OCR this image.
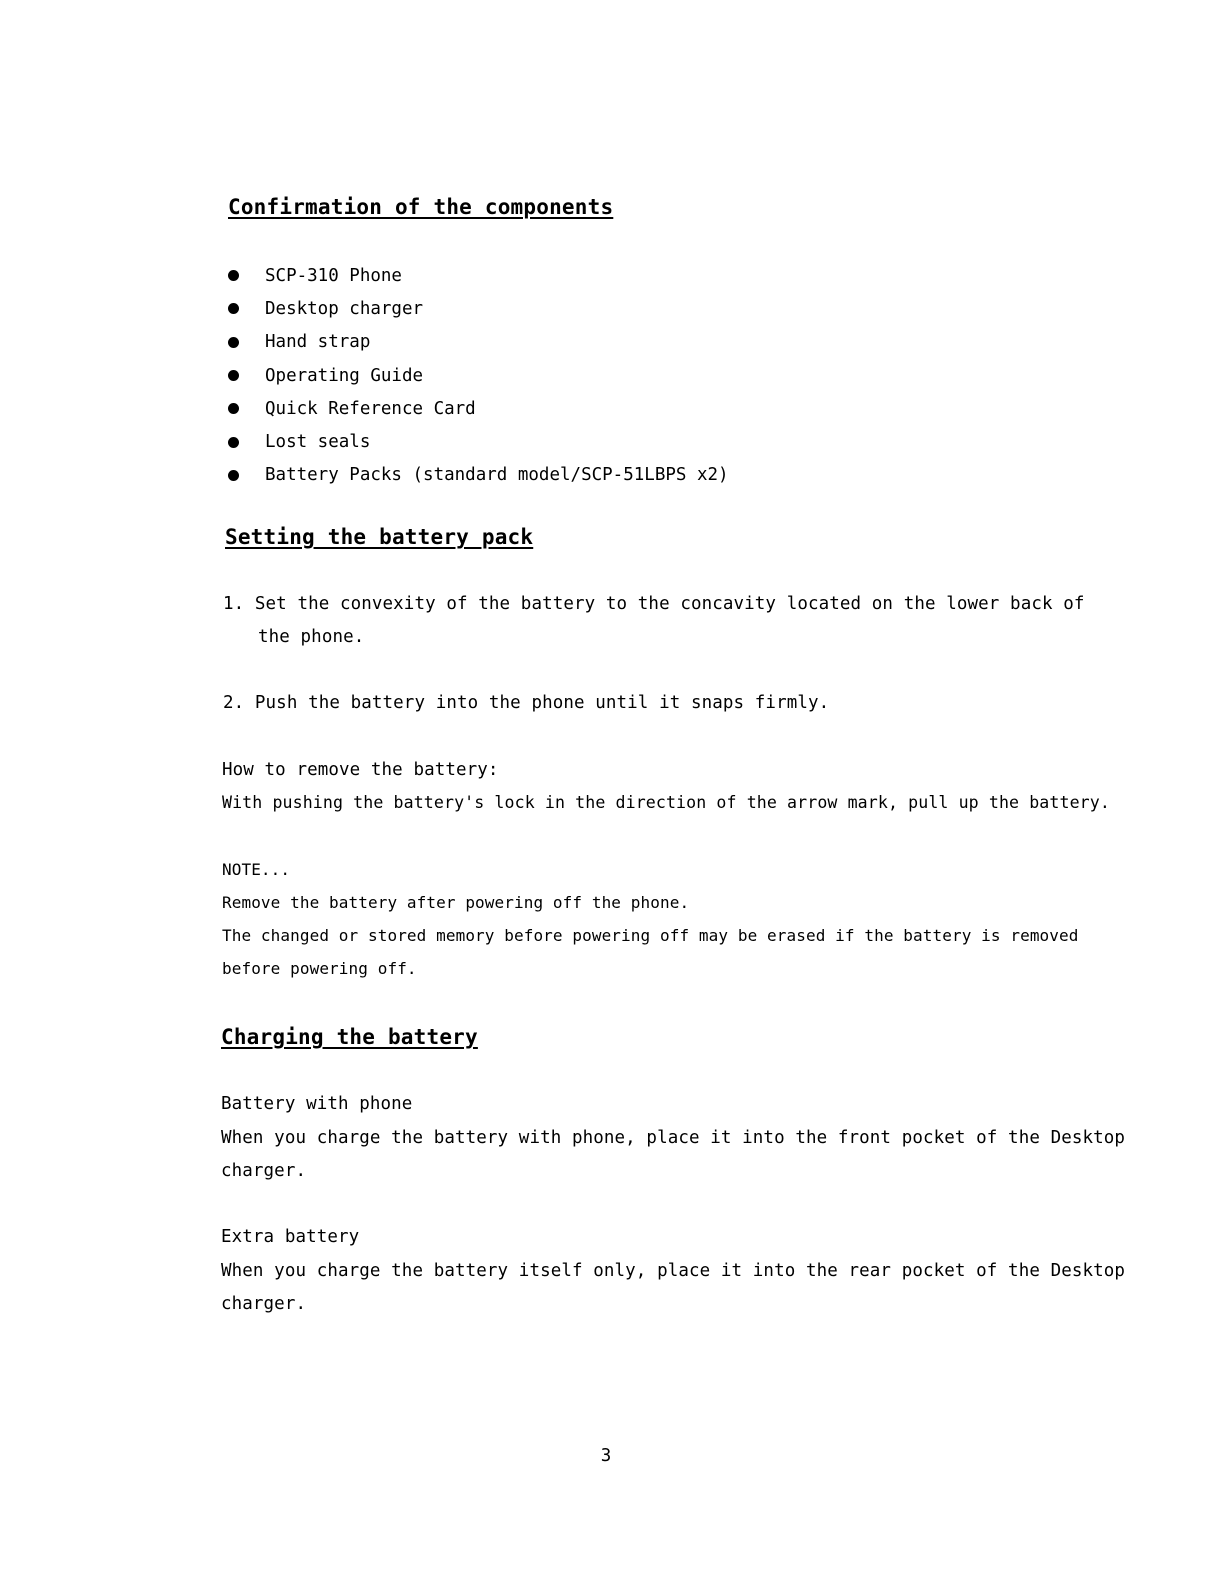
Confirmation of the components
SCP-310 Phone
Desktop charger
Hand strap
Operating Guide
Quick Reference Card
Lost seals
Battery Packs (standard model/SCP-51LBPS x2)
Setting the battery pack
1. Set the convexity of the battery to the concavity located on the lower back of
the phone.
2. Push the battery into the phone until it snaps firmly.
How to remove the battery:
With pushing the battery's lock in the direction of the arrow mark, pull up the battery.
NOTE...
Remove the battery after powering off the phone.
The changed or stored memory before powering off may be erased if the battery is removed
before powering off.
Charging the battery
Battery with phone
When you charge the battery with phone, place it into the front pocket of the Desktop
charger.
Extra battery
When you charge the battery itself only, place it into the rear pocket of the Desktop
charger.
3
